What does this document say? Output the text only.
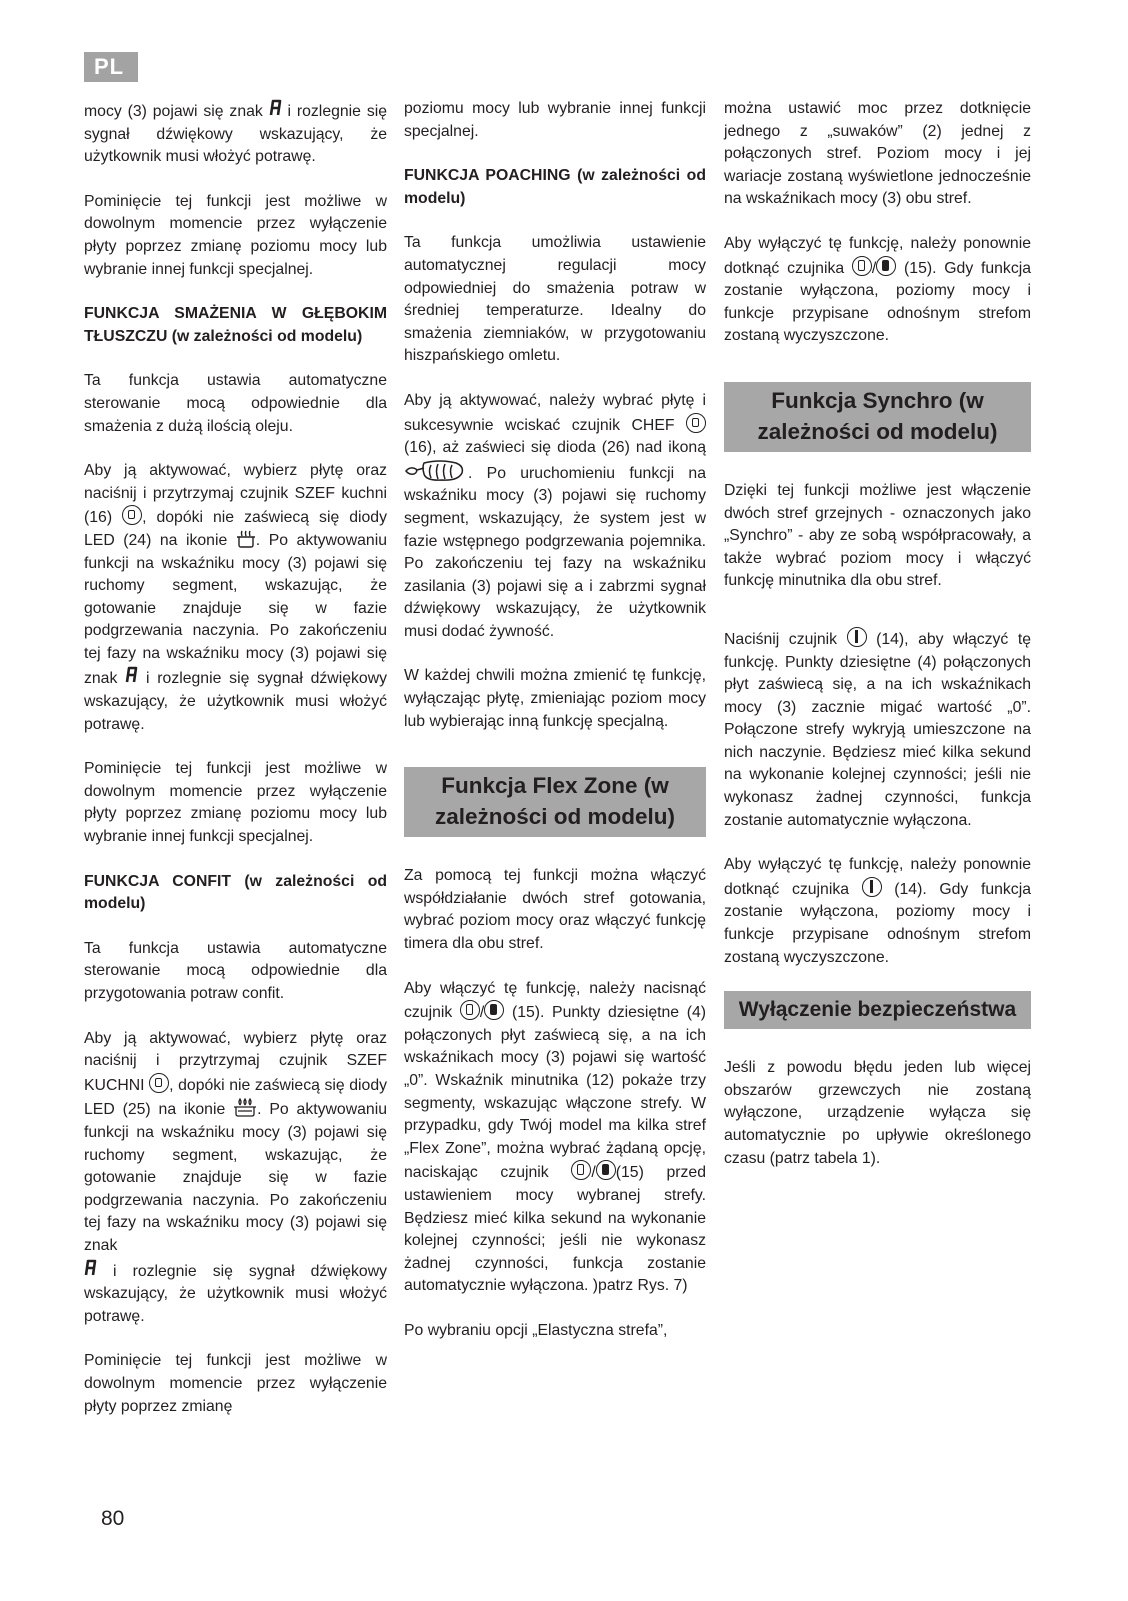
PL

mocy (3) pojawi się znak  i rozlegnie się sygnał dźwiękowy wskazujący, że użytkownik musi włożyć potrawę.

Pominięcie tej funkcji jest możliwe w dowolnym momencie przez wyłączenie płyty poprzez zmianę poziomu mocy lub wybranie innej funkcji specjalnej.

FUNKCJA SMAŻENIA W GŁĘBOKIM TŁUSZCZU (w zależności od modelu)

Ta funkcja ustawia automatyczne sterowanie mocą odpowiednie dla smażenia z dużą ilością oleju.

Aby ją aktywować, wybierz płytę oraz naciśnij i przytrzymaj czujnik SZEF kuchni (16) , dopóki nie zaświecą się diody LED (24) na ikonie . Po aktywowaniu funkcji na wskaźniku mocy (3) pojawi się ruchomy segment, wskazując, że gotowanie znajduje się w fazie podgrzewania naczynia. Po zakończeniu tej fazy na wskaźniku mocy (3) pojawi się znak  i rozlegnie się sygnał dźwiękowy wskazujący, że użytkownik musi włożyć potrawę.

Pominięcie tej funkcji jest możliwe w dowolnym momencie przez wyłączenie płyty poprzez zmianę poziomu mocy lub wybranie innej funkcji specjalnej.

FUNKCJA CONFIT (w zależności od modelu)

Ta funkcja ustawia automatyczne sterowanie mocą odpowiednie dla przygotowania potraw confit.

Aby ją aktywować, wybierz płytę oraz naciśnij i przytrzymaj czujnik SZEF KUCHNI , dopóki nie zaświecą się diody LED (25) na ikonie . Po aktywowaniu funkcji na wskaźniku mocy (3) pojawi się ruchomy segment, wskazując, że gotowanie znajduje się w fazie podgrzewania naczynia. Po zakończeniu tej fazy na wskaźniku mocy (3) pojawi się znak
i rozlegnie się sygnał dźwiękowy wskazujący, że użytkownik musi włożyć potrawę.

Pominięcie tej funkcji jest możliwe w dowolnym momencie przez wyłączenie płyty poprzez zmianę

poziomu mocy lub wybranie innej funkcji specjalnej.

FUNKCJA POACHING (w zależności od modelu)

Ta funkcja umożliwia ustawienie automatycznej regulacji mocy odpowiedniej do smażenia potraw w średniej temperaturze. Idealny do smażenia ziemniaków, w przygotowaniu hiszpańskiego omletu.

Aby ją aktywować, należy wybrać płytę i sukcesywnie wciskać czujnik CHEF (16), aż zaświeci się dioda (26) nad ikoną. Po uruchomieniu funkcji na wskaźniku mocy (3) pojawi się ruchomy segment, wskazujący, że system jest w fazie wstępnego podgrzewania pojemnika. Po zakończeniu tej fazy na wskaźniku zasilania (3) pojawi się a i zabrzmi sygnał dźwiękowy wskazujący, że użytkownik musi dodać żywność.

W każdej chwili można zmienić tę funkcję, wyłączając płytę, zmieniając poziom mocy lub wybierając inną funkcję specjalną.

Funkcja Flex Zone (w zależności od modelu)

Za pomocą tej funkcji można włączyć współdziałanie dwóch stref gotowania, wybrać poziom mocy oraz włączyć funkcję timera dla obu stref.

Aby włączyć tę funkcję, należy nacisnąć czujnik / (15). Punkty dziesiętne (4) połączonych płyt zaświecą się, a na ich wskaźnikach mocy (3) pojawi się wartość „0”. Wskaźnik minutnika (12) pokaże trzy segmenty, wskazując włączone strefy. W przypadku, gdy Twój model ma kilka stref „Flex Zone”, można wybrać żądaną opcję, naciskając czujnik	/ (15) przed ustawieniem mocy wybranej strefy. Będziesz mieć kilka sekund na wykonanie kolejnej czynności; jeśli nie wykonasz żadnej czynności, funkcja zostanie automatycznie wyłączona. )patrz Rys. 7)

Po wybraniu opcji „Elastyczna strefa”,

można ustawić moc przez dotknięcie jednego z „suwaków” (2) jednej z połączonych stref. Poziom mocy i jej wariacje zostaną wyświetlone jednocześnie na wskaźnikach mocy (3) obu stref.

Aby wyłączyć tę funkcję, należy ponownie dotknąć czujnika / (15). Gdy funkcja zostanie wyłączona, poziomy mocy i funkcje przypisane odnośnym strefom zostaną wyczyszczone.

Funkcja Synchro (w zależności od modelu)

Dzięki tej funkcji możliwe jest włączenie dwóch stref grzejnych - oznaczonych jako „Synchro” - aby ze sobą współpracowały, a także wybrać poziom mocy i włączyć funkcję minutnika dla obu stref.

Naciśnij czujnik (14), aby włączyć tę funkcję. Punkty dziesiętne (4) połączonych płyt zaświecą się, a na ich wskaźnikach mocy (3) zacznie migać wartość „0”. Połączone strefy wykryją umieszczone na nich naczynie. Będziesz mieć kilka sekund na wykonanie kolejnej czynności; jeśli nie wykonasz żadnej czynności, funkcja zostanie automatycznie wyłączona.

Aby wyłączyć tę funkcję, należy ponownie dotknąć czujnika	(14). Gdy funkcja zostanie wyłączona, poziomy mocy i funkcje przypisane odnośnym strefom zostaną wyczyszczone.

Wyłączenie bezpieczeństwa

Jeśli z powodu błędu jeden lub więcej obszarów grzewczych nie zostaną wyłączone, urządzenie wyłącza się automatycznie po upływie określonego czasu (patrz tabela 1).

80
